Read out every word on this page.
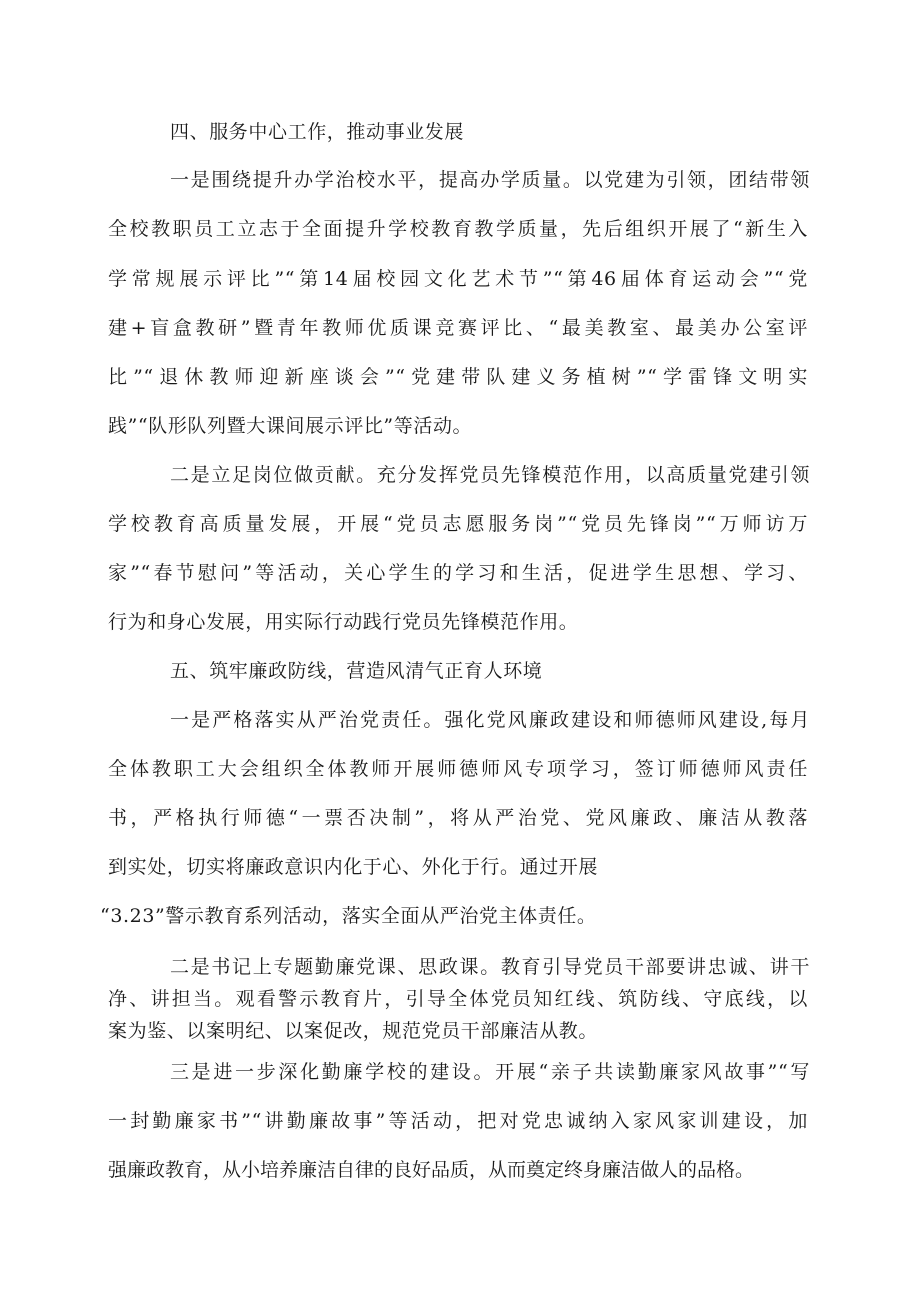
四、服务中心工作，推动事业发展
一是围绕提升办学治校水平，提高办学质量。以党建为引领，团结带领
全校教职员工立志于全面提升学校教育教学质量，先后组织开展了“新生入
学常规展示评比”“第14届校园文化艺术节”“第46届体育运动会”“党
建+盲盒教研”暨青年教师优质课竞赛评比、“最美教室、最美办公室评
比”“退休教师迎新座谈会”“党建带队建义务植树”“学雷锋文明实
践”“队形队列暨大课间展示评比”等活动。
二是立足岗位做贡献。充分发挥党员先锋模范作用，以高质量党建引领
学校教育高质量发展，开展“党员志愿服务岗”“党员先锋岗”“万师访万
家”“春节慰问”等活动，关心学生的学习和生活，促进学生思想、学习、
行为和身心发展，用实际行动践行党员先锋模范作用。
五、筑牢廉政防线，营造风清气正育人环境
一是严格落实从严治党责任。强化党风廉政建设和师德师风建设,每月
全体教职工大会组织全体教师开展师德师风专项学习，签订师德师风责任
书，严格执行师德“一票否决制”，将从严治党、党风廉政、廉洁从教落
到实处，切实将廉政意识内化于心、外化于行。通过开展
“3.23”警示教育系列活动，落实全面从严治党主体责任。
二是书记上专题勤廉党课、思政课。教育引导党员干部要讲忠诚、讲干
净、讲担当。观看警示教育片，引导全体党员知红线、筑防线、守底线，以
案为鉴、以案明纪、以案促改，规范党员干部廉洁从教。
三是进一步深化勤廉学校的建设。开展“亲子共读勤廉家风故事”“写
一封勤廉家书”“讲勤廉故事”等活动，把对党忠诚纳入家风家训建设，加
强廉政教育，从小培养廉洁自律的良好品质，从而奠定终身廉洁做人的品格。
